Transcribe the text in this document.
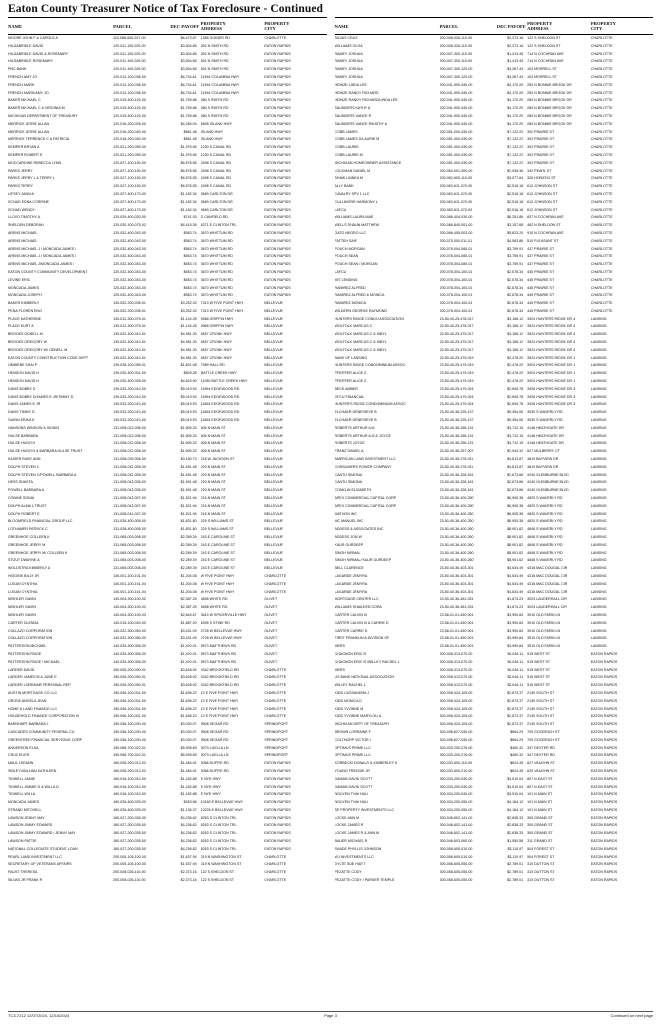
Eaton County Treasurer Notice of Tax Foreclosure - Continued
NAME	PARCEL	DEC PAYOFF PROPERTY
ADDRESS
PROPERTY
CITY
MOORE JOHN F & CAROLE A	110-088-600-027-00	$6,473.87	1385 GOINER RD	CHARLOTTE
HILDABRIDLE DAVID	120-011-100-025-00	$3,504.65	892 N SMITH RD	EATON RAPIDS
HILDABRIDLE DAVID & ROSEMARY	120-011-100-025-00	$3,504.65	892 N SMITH RD	EATON RAPIDS
HILDABRIDLE ROSEMARY	120-011-100-025-00	$3,504.65	892 N SMITH RD	EATON RAPIDS
PNC BANK	120-011-100-025-00	$3,504.65	892 N SMITH RD	EATON RAPIDS
FRENCH AMY JO	120-012-100-036-00	$6,734.81	11394 COLUMBIA HWY	EATON RAPIDS
FRENCH MARK	120-012-100-036-00	$6,734.81	11394 COLUMBIA HWY	EATON RAPIDS
FRENCH MARK/AMY JO	120-012-100-036-00	$6,734.81	11394 COLUMBIA HWY	EATON RAPIDS
BAKER MICHAEL C	120-015-400-102-00	$1,759.86	980 S SMITH RD	EATON RAPIDS
BAKER MICHAEL C & VIRGINIA M	120-015-400-102-00	$1,759.86	980 S SMITH RD	EATON RAPIDS
MICHIGAN DEPARTMENT OF TREASURY	120-015-400-102-00	$1,759.86	980 S SMITH RD	EATON RAPIDS
MERRICK JESSE ALLAN	120-016-200-035-00	$4,284.04	8838 ISLAND HWY	EATON RAPIDS
MERRICK JESSE ALLAN	120-016-200-040-00	$861.48	ISLAND HWY	EATON RAPIDS
MERRICK TERRENCE C & PATRICIA	120-016-200-040-00	$861.48	ISLAND HWY	EATON RAPIDS
KEMPER BRYAN A	120-021-200-055-00	$1,975.96	1230 S CANAL RD	EATON RAPIDS
KEMPER ROBERT E	120-021-200-055-00	$1,975.96	1230 S CANAL RD	EATON RAPIDS
MOCCARDINE REBECCA LYNN	120-027-100-150-00	$6,576.55	2498 S CANAL RD	EATON RAPIDS
PARKS JERRY	120-027-100-150-00	$6,576.55	2498 S CANAL RD	EATON RAPIDS
PARKS JERRY L & TERRY L	120-027-100-150-00	$6,576.55	2498 S CANAL RD	EATON RAPIDS
PARKS TERRY	120-027-100-150-00	$6,576.55	2498 S CANAL RD	EATON RAPIDS
LIFSEY JANN A	120-027-400-170-00	$1,182.34	9689 CARLTON DR	EATON RAPIDS
SCHAD EDNA CORRINE	120-027-400-170-00	$1,182.34	9689 CARLTON DR	EATON RAPIDS
SCHAD WENDY	120-027-400-170-00	$1,182.34	9689 CARLTON DR	EATON RAPIDS
LLOYD TIMOTHY A	120-029-400-020-00	$741.93	S CANFIELD RD	EATON RAPIDS
SHELDEN DEBORAH	120-030-100-075-02	$4,415.36	6271 E CLINTON TRL	EATON RAPIDS
ARENS MICHAEL	120-032-400-043-00	$563.74	3670 WHITTUM RD	EATON RAPIDS
ARENS MICHAEL	120-032-400-043-00	$563.74	3670 WHITTUM RD	EATON RAPIDS
ARENS MICHAEL J / MONCADA JAMES /	120-032-400-043-00	$563.74	3670 WHITTUM RD	EATON RAPIDS
ARENS MICHAEL J / MONCADA JAMES /	120-032-400-043-00	$563.74	3670 WHITTUM RD	EATON RAPIDS
ARENS MICHAEL J/MONCADA JAMES /	120-032-400-043-00	$563.74	3670 WHITTUM RD	EATON RAPIDS
EATON COUNTY COMMUNITY DEVELOPMENT	120-032-400-043-00	$563.74	3670 WHITTUM RD	EATON RAPIDS
LEVINE ERIC	120-032-400-043-00	$563.74	3670 WHITTUM RD	EATON RAPIDS
MONCADA JAMES	120-032-400-043-00	$563.74	3670 WHITTUM RD	EATON RAPIDS
MONCADA JOSEPH	120-032-400-043-00	$563.74	3670 WHITTUM RD	EATON RAPIDS
BAKER KIMBERLY	130-002-200-035-01	$3,252.33	7313 W FIVE POINT HWY	BELLEVUE
PENA FLORENTINO	130-002-200-035-01	$3,252.33	7313 W FIVE POINT HWY	BELLEVUE
PLACE KATHERINE	130-012-300-075-01	$1,144.26	6968 GRIFFIN HWY	BELLEVUE
PLACE KURT A	130-012-300-075-01	$1,144.26	6968 GRIFFIN HWY	BELLEVUE
BROOKS ODNELL M	130-022-400-010-01	$4,981.30	8457 CRONK HWY	BELLEVUE
BROOKS GREGORY W	130-022-400-010-01	$4,981.30	8457 CRONK HWY	BELLEVUE
BROOKS GREGORY W/ ODNELL M	130-022-400-010-01	$4,981.30	8457 CRONK HWY	BELLEVUE
EATON COUNTY CONSTRUCTION CODE DEPT	130-022-400-010-01	$4,981.30	8457 CRONK HWY	BELLEVUE
OMWEBE SHAI P	130-028-100-055-01	$1,601.08	7989 HALL RD	BELLEVUE
HENDON DAVID H	130-030-400-001-00	$829.26	BATTLE CREEK HWY	BELLEVUE
HENDON DAVID H	130-030-400-005-00	$4,624.90	11280 BATTLE CREEK HWY	BELLEVUE
DAVIS BOBBY D	130-033-200-010-00	$5,019.93	11854 EDGEWOOD RD	BELLEVUE
DAVIS BOBBY D/JAMES E JR/TIMMY D	130-033-200-010-00	$5,019.93	11854 EDGEWOOD RD	BELLEVUE
DAVIS JAMES E JR	130-033-200-010-00	$5,019.93	11854 EDGEWOOD RD	BELLEVUE
DAVIS TIMMY D	130-033-200-010-00	$5,019.93	11854 EDGEWOOD RD	BELLEVUE
GUINN ERIKA K	130-033-200-010-00	$5,019.93	11854 EDGEWOOD RD	BELLEVUE
HANSONS WINDOW & SIDING	131-008-012-008-00	$1,505.33	605 N MAIN ST	BELLEVUE
HULSE BARBARA	131-008-012-008-00	$1,505.33	605 N MAIN ST	BELLEVUE
HULSE HUGH H	131-008-012-008-00	$1,505.33	605 N MAIN ST	BELLEVUE
HULSE HUGH H & BARBARA HULSE TRUST	131-008-012-008-00	$1,505.33	605 N MAIN ST	BELLEVUE
KAISER RUBY ANN	131-008-039-006-00	$3,150.73	218 W JACKSON ST	BELLEVUE
DOLPH STEVEN C	131-008-041-005-00	$1,591.48	220 N MAIN ST	BELLEVUE
DOLPH STEVEN C/POWELL BARBARA A	131-008-041-005-00	$1,591.48	220 N MAIN ST	BELLEVUE
HESS SHASTA	131-008-041-005-00	$1,591.48	220 N MAIN ST	BELLEVUE
POWELL BARBARA A	131-008-041-005-00	$1,591.48	220 N MAIN ST	BELLEVUE
CONINE SONIA	131-008-041-007-00	$1,521.94	216 N MAIN ST	BELLEVUE
DOLPH ALMA L TRUST	131-008-041-007-00	$1,521.94	216 N MAIN ST	BELLEVUE
DOLPH ROBERT E	131-008-041-007-00	$1,521.94	216 N MAIN ST	BELLEVUE
BLOOMFIELD FINANCIAL GROUP LLC	131-028-400-005-00	$1,831.80	229 S WILLIAMS ST	BELLEVUE
LOTHAMER PATRICK C	131-028-400-005-00	$1,831.80	229 S WILLIAMS ST	BELLEVUE
GREENHOE COLLEEN K	131-065-003-008-00	$2,289.39	243 E CAROLINE ST	BELLEVUE
GREENHOE JERRY M	131-065-003-008-00	$2,289.39	243 E CAROLINE ST	BELLEVUE
GREENHOE JERRY M/ COLLEEN K	131-065-003-008-00	$2,289.39	243 E CAROLINE ST	BELLEVUE
STOUT DWAYNE A	131-065-003-008-00	$2,289.39	243 E CAROLINE ST	BELLEVUE
WOLDSTRA KIMBERLY A	131-065-003-008-00	$2,289.39	243 E CAROLINE ST	BELLEVUE
HIGGINS BILLY JR	140-001-100-101-04	$1,204.08	W FIVE POINT HWY	CHARLOTTE
LOGAN CYNTHIA	140-001-100-101-04	$1,204.08	W FIVE POINT HWY	CHARLOTTE
LOGAN CYNTHIA	140-001-100-101-04	$1,204.08	W FIVE POINT HWY	CHARLOTTE
MISHLER GAVIN	140-004-300-100-02	$2,387.25	4898 WHITE RD	OLIVET
MISHLER GAVIN	140-004-300-100-02	$2,387.25	4898 WHITE RD	OLIVET
MISHLER GAVIN	140-004-300-100-03	$2,844.67	3614 W SPICERVILLE HWY	OLIVET
CARTER GLENDA	140-015-100-040-00	$1,887.20	6395 S STINE RD	OLIVET
COLLAZO CORPORATION	140-022-300-050-00	$3,431.09	2728 W BELLEVUE HWY	OLIVET
COLLAZO CORPORATION	140-022-300-050-00	$3,431.09	2728 W BELLEVUE HWY	OLIVET
PATTERSON MICHAEL	140-025-300-005-00	$1,420.01	8573 MATTHEWS RD	OLIVET
PATTERSON PAIGE	140-025-300-005-00	$1,420.01	8573 MATTHEWS RD	OLIVET
PATTERSON PAIGE / MICHAEL	140-025-300-005-00	$1,420.01	8573 MATTHEWS RD	OLIVET
LARDER DAVID	150-005-200-090-01	$3,628.92	4342 BROOKFIELD RD	CHARLOTTE
LARDER JAMES M & JUNE E	150-005-200-090-01	$3,628.92	4342 BROOKFIELD RD	CHARLOTTE
LARDER LORRAINE PERSONAL REP	150-005-200-090-01	$3,628.92	4342 BROOKFIELD RD	CHARLOTTE
AUSTIN MORTGAGE CO LLC	150-006-100-001-00	$1,636.23	12 E FIVE POINT HWY	CHARLOTTE
GROSE ANGELA JEAN	150-006-100-001-00	$1,636.23	12 E FIVE POINT HWY	CHARLOTTE
HOME & LAND FINANCE LLC	150-006-100-001-00	$1,636.23	12 E FIVE POINT HWY	CHARLOTTE
HOUSEHOLD FINANCE CORPORATION III	150-006-100-001-00	$1,636.23	12 E FIVE POINT HWY	CHARLOTTE
BARNHART BARBARA L	150-036-100-030-00	$3,030.07	9508 SEGAR RD	SPRINGPORT
CASCADES COMMUNITY FEDERAL CU	150-036-100-030-00	$3,030.07	9508 SEGAR RD	SPRINGPORT
GREENTREE FINANCIAL SERVICING CORP	150-036-100-030-00	$3,030.07	9508 SEGAR RD	SPRINGPORT
ANDERSON ELSA	150-068-700-022-01	$5,935.69	3073 LUELLA LN	SPRINGPORT
CRUZ ELIER	150-068-700-022-01	$5,935.69	3073 LUELLA LN	SPRINGPORT
MAUL LEEANN	160-008-200-012-02	$1,484.01	5086 DUFFIE RD	EATON RAPIDS
SIBLEY-MULHAN KATHLEEN	160-008-200-012-02	$1,484.01	5086 DUFFIE RD	EATON RAPIDS
TIDWELL JAMIE	160-016-100-010-00	$1,182.88	E NYE HWY	EATON RAPIDS
TIDWELL JIMMIE D & WILLA D	160-016-100-010-00	$1,182.88	E NYE HWY	EATON RAPIDS
TIDWELL WILLA	160-016-100-010-00	$1,182.88	E NYE HWY	EATON RAPIDS
MONCADA JAMES	160-026-400-025-00	$453.56	10160 E BELLEVUE HWY	EATON RAPIDS
STRAND MITCHELL	160-026-400-025-00	$1,136.37	10226 E BELLEVUE HWY	EATON RAPIDS
LAWSON JENNY MAY	160-027-200-035-00	$4,236.62	8253 S CLINTON TRL	EATON RAPIDS
LAWSON JIMMY EDWARD	160-027-200-035-00	$4,236.62	8253 S CLINTON TRL	EATON RAPIDS
LAWSON JIMMY EDWARD / JENNY MAY	160-027-200-035-00	$4,236.62	8253 S CLINTON TRL	EATON RAPIDS
LAWSON PATTIE	160-027-200-035-00	$4,236.62	8253 S CLINTON TRL	EATON RAPIDS
NATIONAL COLLEGIATE STUDENT LOAN	160-027-200-035-00	$4,236.62	8253 S CLINTON TRL	EATON RAPIDS
PEARL LAND INVESTMENT LLC	200-005-105-100-00	$1,637.94	319 N WASHINGTON ST	CHARLOTTE
SECRETARY OF VETERANS AFFAIRS	200-005-105-100-00	$1,637.94	319 N WASHINGTON ST	CHARLOTTE
FAUST THERESA	200-008-026-110-00	$2,373.16	122 S SHELDON ST	CHARLOTTE
SILVAS JR FRANK R	200-008-026-110-00	$2,373.16	122 S SHELDON ST	CHARLOTTE
NAME	PARCEL	DEC PAYOFF PROPERTY
ADDRESS
PROPERTY
CITY
SILVAS CRUZ	200-008-026-110-00	$2,373.16	122 S SHELDON ST	CHARLOTTE
WILLIAMS OLGA	200-008-026-110-00	$2,373.16	122 S SHELDON ST	CHARLOTTE
RAMEY JOSHUA	200-007-300-110-00	$1,413.45	714 N COCHRAN AVE	CHARLOTTE
RAMEY JOSHUA	200-007-300-110-00	$1,413.45	714 N COCHRAN AVE	CHARLOTTE
RAMEY JOSHUA	200-007-300-120-00	$3,267.43	103 MORRELL ST	CHARLOTTE
RAMEY JOSHUA	200-007-300-120-00	$3,267.43	103 MORRELL ST	CHARLOTTE
HEINZE LINDA LEE	200-041-900-340-00	$4,170.20	283 N BONNIE BROOK DR	CHARLOTTE
HEINZE RANDY RICHARD	200-041-900-340-00	$4,170.20	283 N BONNIE BROOK DR	CHARLOTTE
HEINZE RANDY RICHARD/LINDA LEE	200-041-900-340-00	$4,170.20	283 N BONNIE BROOK DR	CHARLOTTE
SAUNDERS KATHY A	200-041-900-340-00	$4,170.20	283 N BONNIE BROOK DR	CHARLOTTE
SAUNDERS VANCE R	200-041-900-340-00	$4,170.20	283 N BONNIE BROOK DR	CHARLOTTE
SAUNDERS VANCE R/KATHY A	200-041-900-340-00	$4,170.20	283 N BONNIE BROOK DR	CHARLOTTE
COBB JAMES	200-051-000-430-00	$7,122.22	302 PRAIRIE ST	CHARLOTTE
COBB JAMES D/LAURIE M	200-051-000-430-00	$7,122.22	302 PRAIRIE ST	CHARLOTTE
COBB LAURIE	200-051-000-430-00	$7,122.22	302 PRAIRIE ST	CHARLOTTE
COBB LAURIE M	200-051-000-430-00	$7,122.22	302 PRAIRIE ST	CHARLOTTE
MICHIGAN HOMEOWNER ASSISTANCE	200-051-000-430-00	$7,122.22	302 PRAIRIE ST	CHARLOTTE
LOUGHAN DANIEL M	200-054-001-300-00	$2,938.36	342 PEARL ST	CHARLOTTE
SHAW LINNEA M	200-062-600-110-00	$3,077.64	326 HORATIO ST	CHARLOTTE
ALLY BANK	200-063-611-070-00	$2,516.18	612 JOHNSON ST	CHARLOTTE
CAVALRY SPV 1 LLC	200-063-611-070-00	$2,516.18	612 JOHNSON ST	CHARLOTTE
CULLIMORE HARMONY L	200-063-611-070-00	$2,516.18	612 JOHNSON ST	CHARLOTTE
LAFCU	200-063-611-070-00	$2,516.18	612 JOHNSON ST	CHARLOTTE
WILLIAMS LAURA MAE	200-066-404-030-00	$6,251.86	837 N COCHRAN AVE	CHARLOTTE
WELLS SHAUN MATTHEW	200-066-840-001-00	$3,157.68	462 N SHELDON ST	CHARLOTTE
GATO NEGRO LLC	200-066-455-003-00	$5,623.20	915 N COCHRAN AVE	CHARLOTTE
FATTEH SAIF	200-075-000-011-01	$4,583.86	510 PLEASANT ST	CHARLOTTE
POUCH MORGAN	200-078-004-080-01	$3,759.91	437 PRAIRIE ST	CHARLOTTE
POUCH SEAN	200-078-004-080-01	$3,759.91	437 PRAIRIE ST	CHARLOTTE
POUCH SEAN / MORGAN	200-078-004-080-01	$3,759.91	437 PRAIRIE ST	CHARLOTTE
LAFCU	200-078-004-100-01	$2,678.34	445 PRAIRIE ST	CHARLOTTE
MIT LENDING	200-078-004-100-01	$2,678.34	445 PRAIRIE ST	CHARLOTTE
RAMIREZ ALFRED	200-078-004-100-01	$2,678.34	445 PRAIRIE ST	CHARLOTTE
RAMIREZ ALFRED & MONICA	200-078-004-100-01	$2,678.34	445 PRAIRIE ST	CHARLOTTE
RAMIREZ MONICA	200-078-004-100-01	$2,678.34	445 PRAIRIE ST	CHARLOTTE
WILDERN GEORGE RAYMOND	200-078-004-100-01	$2,678.34	445 PRAIRIE ST	CHARLOTTE
HUNTERS RIDGE CONDO ASSOCIATION	23-50-40-25-478-017	$3,166.12	3924 HUNTERS RIDGE DR 4	LANSING
WOLFOLK MARCUS C	23-50-40-25-478-017	$3,166.12	3924 HUNTERS RIDGE DR 4	LANSING
WOLFOLK MARCUS C & SIBYL	23-50-40-25-479-017	$3,166.12	3924 HUNTERS RIDGE DR 4	LANSING
WOLFOLK MARCUS C & SIBYL	23-50-40-25-479-017	$3,166.12	3924 HUNTERS RIDGE DR 4	LANSING
WOLFOLK MARCUS C & SIBYL	23-50-40-25-479-017	$3,166.12	3924 HUNTERS RIDGE DR 4	LANSING
BANK OF LANSING	23-50-40-25-479-019	$2,478.20	3924 HUNTERS RIDGE DR 1	LANSING
HUNTERS RIDGE CONDOMINIUM ASSOC	23-50-40-25-479-019	$2,478.20	3924 HUNTERS RIDGE DR 1	LANSING
PFEIFFER ALICE Z	23-50-40-25-479-019	$2,478.20	3924 HUNTERS RIDGE DR 1	LANSING
PFEIFFER ALICE Z	23-50-40-25-479-019	$2,478.20	3924 HUNTERS RIDGE DR 1	LANSING
BECK AMBER	23-50-40-25-479-024	$2,605.78	3926 HUNTERS RIDGE DR 3	LANSING
DFCU FINANCIAL	23-50-40-25-479-024	$2,605.78	3926 HUNTERS RIDGE DR 3	LANSING
HUNTER'S RIDGE CONDOMINIUM ASSOC	23-50-40-25-479-024	$2,605.78	3926 HUNTERS RIDGE DR 3	LANSING
ELCHAER GENEVIEVE B	23-50-40-36-226-137	$9,354.06	3530 S WAVERLY RD	LANSING
ELCHAER GENEVIEVE B	23-50-40-36-226-137	$9,354.06	3530 S WAVERLY RD	LANSING
ROBERTS ARTHUR A III	23-50-40-36-256-131	$3,712.15	4148 HEATHGATE DR	LANSING
ROBERTS ARTHUR A III & JOYCE	23-50-40-36-256-131	$3,712.15	4148 HEATHGATE DR	LANSING
ROBERTS JOYCE	23-50-40-36-256-131	$3,712.15	4148 HEATHGATE DR	LANSING
FRANZ DANIEL A	23-50-40-36-257-007	$2,944.32	827 MULBERRY CT	LANSING
AMERICAN LAND INVESTMENT LLC	23-50-40-36-276-011	$4,813.87	3819 BAYVIEW DR	LANSING
CONSUMERS POWER COMPANY	23-50-40-36-276-011	$4,813.87	3819 BAYVIEW DR	LANSING
CANTU SIMONA	23-50-40-36-328-161	$2,673.66	4240 GLENBURNE BLVD	LANSING
CANTU SIMONA	23-50-40-36-328-161	$2,673.66	4240 GLENBURNE BLVD	LANSING
CONKLIN ELIZABETH	23-50-40-36-328-161	$2,673.66	4240 GLENBURNE BLVD	LANSING
APEX COMMERCIAL CAPITAL CORP	23-50-40-36-400-250	$6,905.38	4820 S WAVERLY RD	LANSING
APEX COMMERCIAL CAPITAL CORP	23-50-40-36-400-250	$6,905.38	4820 S WAVERLY RD	LANSING
MATHON INC	23-50-40-36-400-250	$6,905.38	4820 S WAVERLY RD	LANSING
MC MANUEL INC	23-50-40-36-400-250	$6,905.38	4820 S WAVERLY RD	LANSING
ADDESS & ASSOCIATES INC	23-50-40-36-400-260	$8,901.62	4848 S WAVERLY RD	LANSING
ADDESS JON W	23-50-40-36-400-260	$8,901.62	4848 S WAVERLY RD	LANSING
KAUR GURDEEP	23-50-40-36-400-260	$8,901.62	4848 S WAVERLY RD	LANSING
SINGH NIRMAL	23-50-40-36-400-260	$8,901.62	4848 S WAVERLY RD	LANSING
SINGH NIRMAL/ KAUR GURDEEP	23-50-40-36-400-260	$8,901.62	4848 S WAVERLY RD	LANSING
BELL CLARENCE	23-50-40-36-403-301	$4,634.49	4318 MAC DOUGAL CIR	LANSING
LAGARDE JEMYRA	23-50-40-36-403-301	$4,634.49	4318 MAC DOUGAL CIR	LANSING
LAGARDE JEMYRA	23-50-40-36-403-301	$4,634.49	4318 MAC DOUGAL CIR	LANSING
LAGARDE JEMYRA	23-50-40-36-403-301	$4,634.49	4318 MAC DOUGAL CIR	LANSING
MORTGAGE CENTER LLC	23-50-40-36-481-031	$1,674.23	3024 LAUDERHALL CIR	LANSING
WILLIAMS SHAILEEN CORA	23-50-40-36-481-031	$1,674.23	3024 LAUDERHALL CIR	LANSING
CARTER CALVIN III	23-58-01-01-450-001	$3,990.84	3910 OLD FARM LN	LANSING
CARTER CALVIN III & CARRIE D	23-58-01-01-450-001	$3,990.84	3910 OLD FARM LN	LANSING
CARTER CARRIE D	23-58-01-01-450-001	$3,990.84	3910 OLD FARM LN	LANSING
FIRST FRANKLIN A DIVISION OF	23-58-01-01-450-001	$3,990.84	3910 OLD FARM LN	LANSING
MERS	23-58-01-01-450-001	$3,990.84	3910 OLD FARM LN	LANSING
CHAGNON ERIC R	300-008-013-070-00	$2,616.11	515 WEST ST	EATON RAPIDS
CHAGNON ERIC R /WILLEY RACHEL L	300-008-013-070-00	$2,616.11	515 WEST ST	EATON RAPIDS
MERS	300-008-013-070-00	$2,616.11	515 WEST ST	EATON RAPIDS
US BANK NATIONAL ASSOCIATION	300-008-013-070-00	$2,616.11	515 WEST ST	EATON RAPIDS
WILLEY RACHEL L	300-008-013-070-00	$2,616.11	515 WEST ST	EATON RAPIDS
KIDD CASSANDRA J	300-008-024-105-00	$2,873.37	2130 SOUTH ST	EATON RAPIDS
KIDD MONICA D	300-008-024-105-00	$2,873.37	2130 SOUTH ST	EATON RAPIDS
KIDD YVONNE M	300-008-024-105-00	$2,873.37	2130 SOUTH ST	EATON RAPIDS
KIDD YVONNE MARYLOU &	300-008-024-105-00	$2,873.37	2130 SOUTH ST	EATON RAPIDS
MICHIGAN DEPT OF TREASURY	300-008-024-105-00	$2,873.37	2130 SOUTH ST	EATON RAPIDS
BROWN LORRAINE F	300-008-627-040-00	$864.29	709 GOODRICH ST	EATON RAPIDS
COLTHORP VICTOR I	300-008-627-040-00	$864.29	709 GOODRICH ST	EATON RAPIDS
OPTIMUS PRIME LLC	300-033-200-276-00	$460.32	347 DEXTER RD	EATON RAPIDS
OPTIMUS PRIME LLC	300-033-200-276-00	$460.32	347 DEXTER RD	EATON RAPIDS
KORBECKI DONALD & KIMBERLEY K	300-033-600-110-00	$624.45	627 VAUGHN ST	EATON RAPIDS
YOUNG FREDDIE JR	300-033-600-210-00	$624.45	629 VAUGHN ST	EATON RAPIDS
DAMAN DAVID SCOTT	300-034-200-040-00	$3,510.04	807 N EAST ST	EATON RAPIDS
DAMAN DAVID SCOTT	300-034-200-040-00	$3,510.04	807 N EAST ST	EATON RAPIDS
NGUYEN THAI HUU	300-034-200-040-00	$3,510.04	101 N MAIN ST	EATON RAPIDS
NGUYEN THAI HUU	300-034-200-050-00	$4,164.12	101 N MAIN ST	EATON RAPIDS
SE PROPERTY INVESTMENTS LLC	300-034-200-050-00	$4,164.12	101 N MAIN ST	EATON RAPIDS
LOCKE ANN M	300-046-602-141-00	$2,838.33	300 GRAND ST	EATON RAPIDS
LOCKE JAMES R	300-046-602-141-00	$2,838.33	300 GRAND ST	EATON RAPIDS
LOCKE JAMES R & ANN M	300-046-602-141-00	$2,838.33	300 GRAND ST	EATON RAPIDS
BAUER MICHAEL R	300-046-603-060-00	$1,550.58	311 GRAND ST	EATON RAPIDS
SHADE PHYLLIS JOHNSON	300-058-605-010-00	$3,110.97	504 FOREST ST	EATON RAPIDS
WJ INVESTMENTS LLC	300-058-605-010-00	$3,110.97	504 FOREST ST	EATON RAPIDS
DYLTE SUE HIATT	300-058-605-050-00	$2,789.01	310 DUTTON ST	EATON RAPIDS
PEZATTE CODY	300-058-605-050-00	$2,789.01	310 DUTTON ST	EATON RAPIDS
PEZATTE CODY / PARKER TEMPLE	300-058-605-050-00	$2,789.01	310 DUTTON ST	EATON RAPIDS
TC3-7212 12/07/2024, 12/14/2024	Page 3	Continued on next page
